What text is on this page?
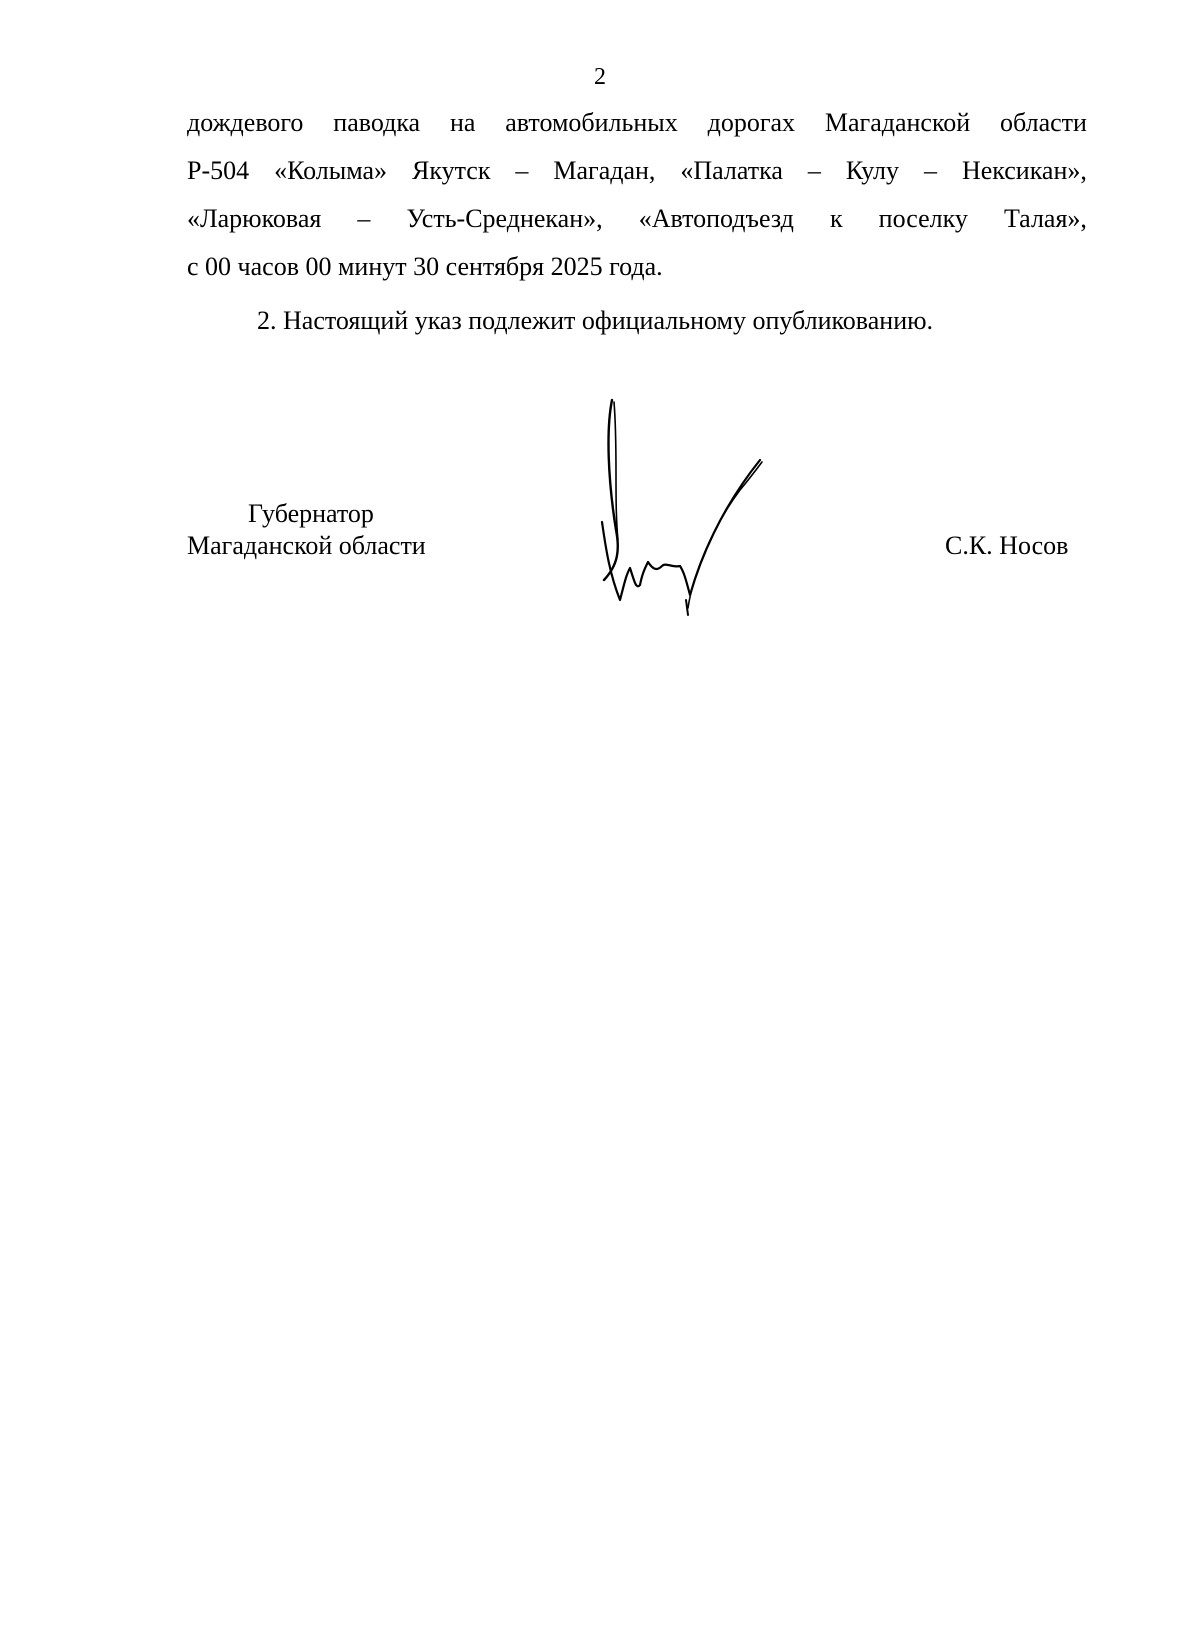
2
дождевого паводка на автомобильных дорогах Магаданской области
Р-504 «Колыма» Якутск – Магадан, «Палатка – Кулу – Нексикан»,
«Ларюковая – Усть-Среднекан», «Автоподъезд к поселку Талая»,
с 00 часов 00 минут 30 сентября 2025 года.
2. Настоящий указ подлежит официальному опубликованию.
Губернатор
Магаданской области	С.К. Носов
